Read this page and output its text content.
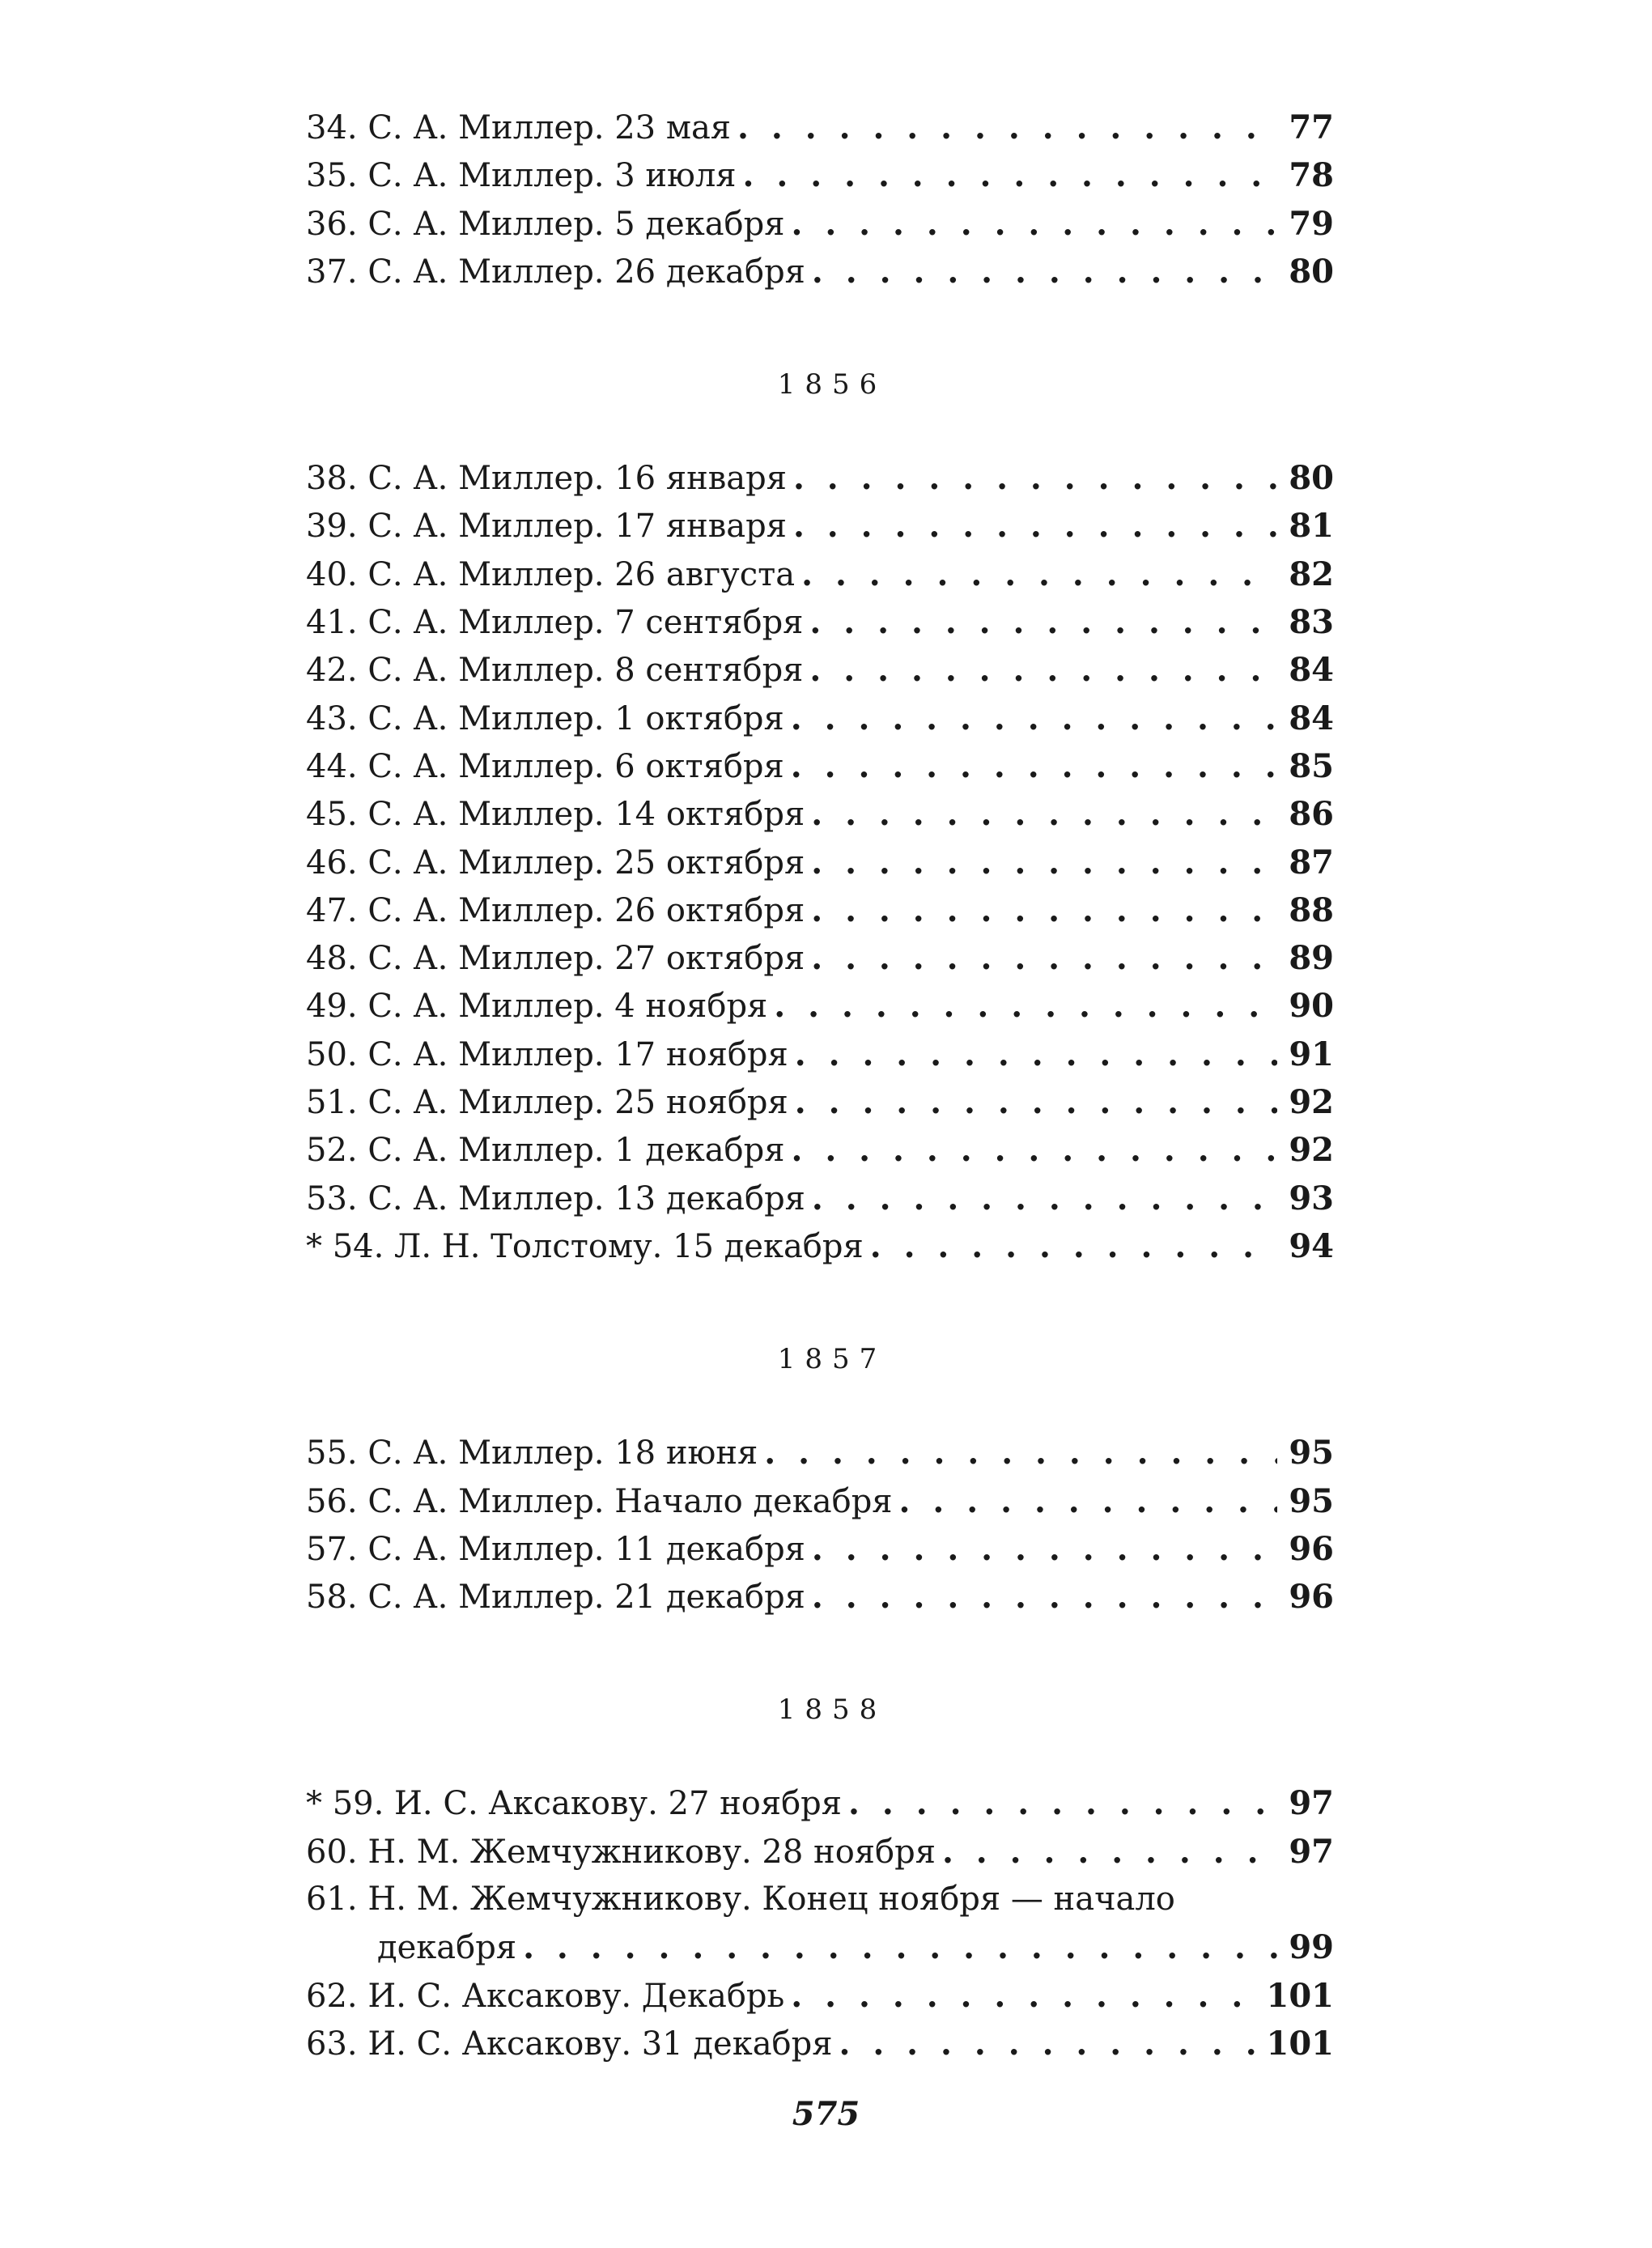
34. С. А. Миллер. 23 мая . . .	77
35. С. А. Миллер. 3 июля . . .	78
36. С. А. Миллер. 5 декабря . . .	79
37. С. А. Миллер. 26 декабря . . .	80
1856
38. С. А. Миллер. 16 января . . .	80
39. С. А. Миллер. 17 января . . .	81
40. С. А. Миллер. 26 августа . . .	82
41. С. А. Миллер. 7 сентября . . .	83
42. С. А. Миллер. 8 сентября . . .	84
43. С. А. Миллер. 1 октября . . .	84
44. С. А. Миллер. 6 октября . . .	85
45. С. А. Миллер. 14 октября . . .	86
46. С. А. Миллер. 25 октября . . .	87
47. С. А. Миллер. 26 октября . . .	88
48. С. А. Миллер. 27 октября . . .	89
49. С. А. Миллер. 4 ноября . . .	90
50. С. А. Миллер. 17 ноября . . .	91
51. С. А. Миллер. 25 ноября . . .	92
52. С. А. Миллер. 1 декабря . . .	92
53. С. А. Миллер. 13 декабря . . .	93
* 54. Л. Н. Толстому. 15 декабря . . .	94
1857
55. С. А. Миллер. 18 июня . . .	95
56. С. А. Миллер. Начало декабря . . .	95
57. С. А. Миллер. 11 декабря . . .	96
58. С. А. Миллер. 21 декабря . . .	96
1858
* 59. И. С. Аксакову. 27 ноября . . .	97
60. Н. М. Жемчужникову. 28 ноября . . .	97
61. Н. М. Жемчужникову. Конец ноября — начало
декабря . . .	99
62. И. С. Аксакову. Декабрь . . .	101
63. И. С. Аксакову. 31 декабря . . .	101
575
